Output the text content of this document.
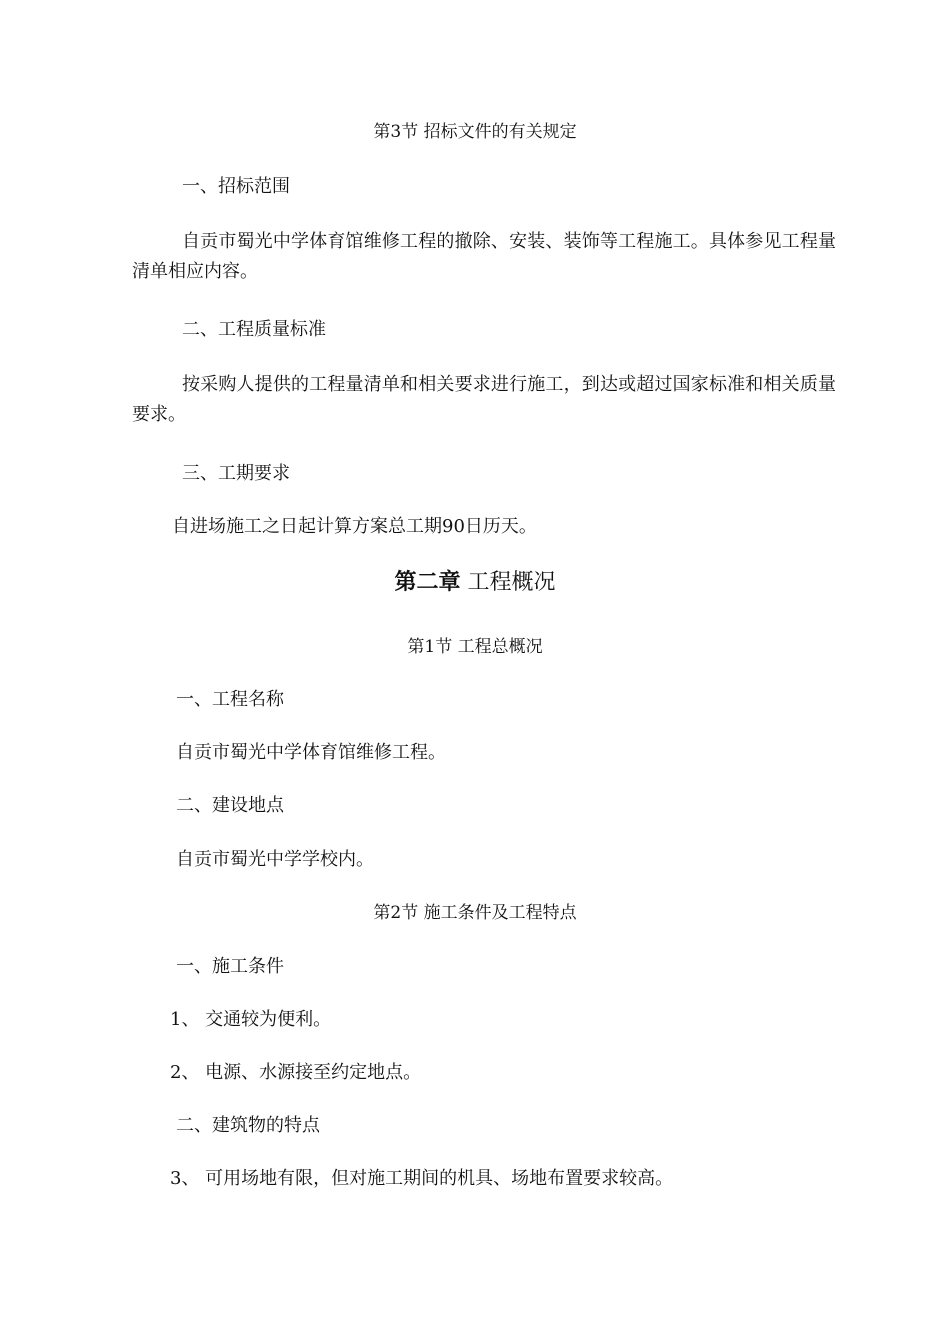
第3节 招标文件的有关规定
一、招标范围
自贡市蜀光中学体育馆维修工程的撤除、安装、装饰等工程施工。具体参见工程量清单相应内容。
二、工程质量标准
按采购人提供的工程量清单和相关要求进行施工，到达或超过国家标准和相关质量要求。
三、工期要求
自进场施工之日起计算方案总工期90日历天。
第二章 工程概况
第1节 工程总概况
一、工程名称
自贡市蜀光中学体育馆维修工程。
二、建设地点
自贡市蜀光中学学校内。
第2节 施工条件及工程特点
一、施工条件
1、 交通较为便利。
2、 电源、水源接至约定地点。
二、建筑物的特点
3、 可用场地有限，但对施工期间的机具、场地布置要求较高。
